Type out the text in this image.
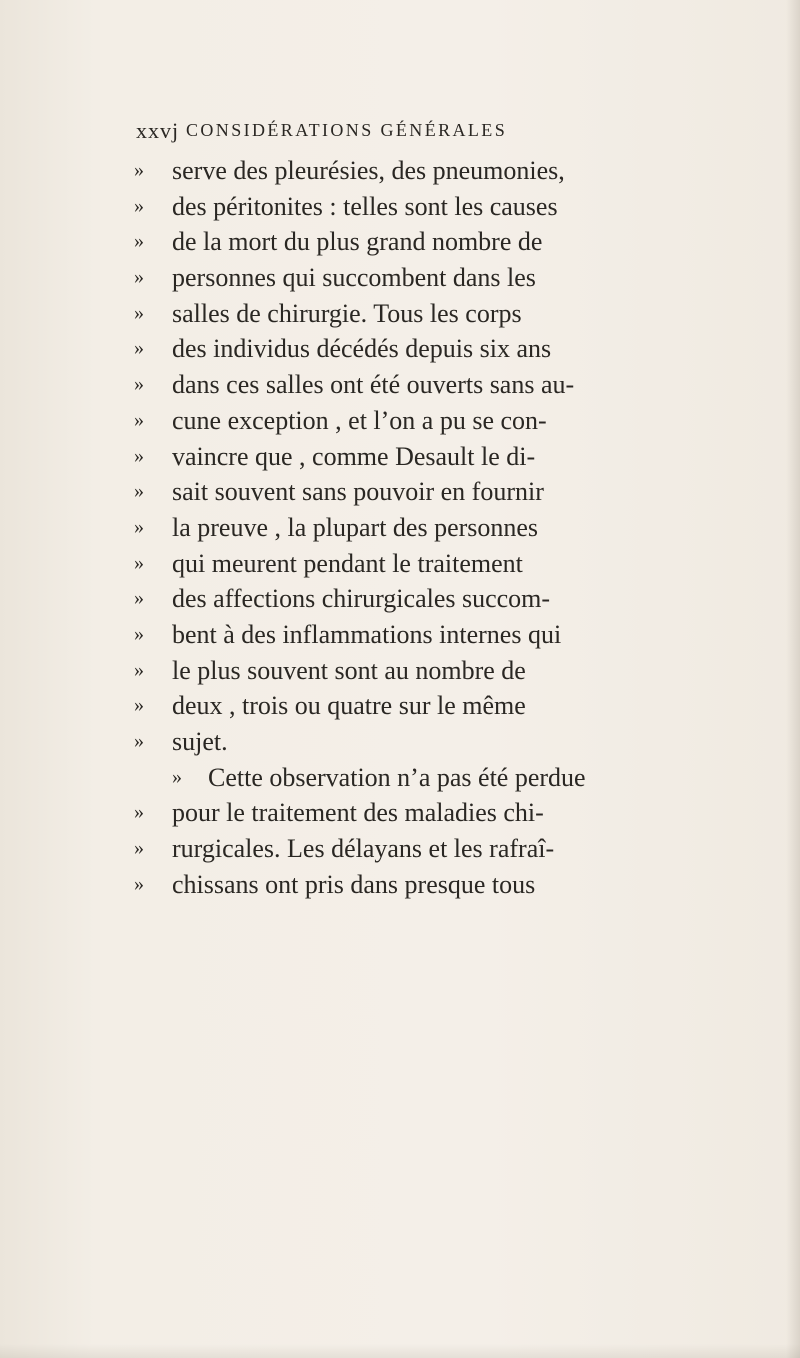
xxvj CONSIDÉRATIONS GÉNÉRALES
»	serve des pleurésies, des pneumonies,
»	des péritonites : telles sont les causes
»	de la mort du plus grand nombre de
»	personnes qui succombent dans les
»	salles de chirurgie. Tous les corps
»	des individus décédés depuis six ans
»	dans ces salles ont été ouverts sans au-
»	cune exception , et l’on a pu se con-
»	vaincre que , comme Desault le di-
»	sait souvent sans pouvoir en fournir
»	la preuve , la plupart des personnes
»	qui meurent pendant le traitement
»	des affections chirurgicales succom-
»	bent à des inflammations internes qui
»	le plus souvent sont au nombre de
»	deux , trois ou quatre sur le même
»	sujet.
»	Cette observation n’a pas été perdue
»	pour le traitement des maladies chi-
»	rurgicales. Les délayans et les rafraî-
»	chissans ont pris dans presque tous
